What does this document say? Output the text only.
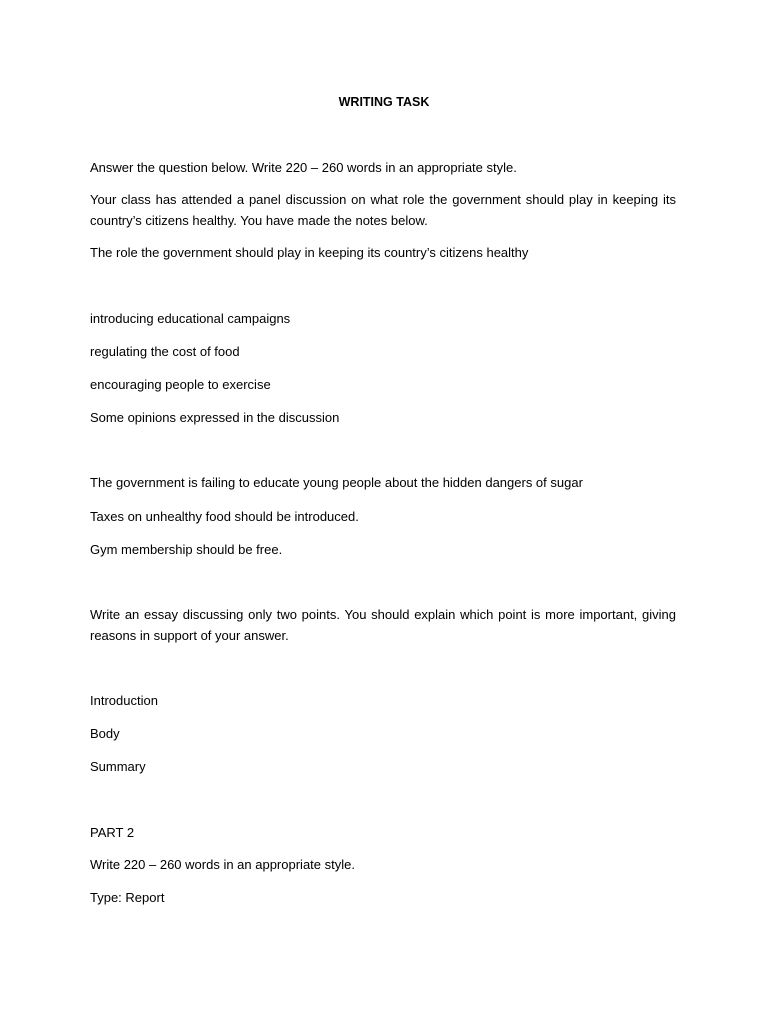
WRITING TASK

Answer the question below. Write 220 – 260 words in an appropriate style.

Your class has attended a panel discussion on what role the government should play in keeping its country’s citizens healthy. You have made the notes below.

The role the government should play in keeping its country’s citizens healthy

introducing educational campaigns

regulating the cost of food

encouraging people to exercise

Some opinions expressed in the discussion

The government is failing to educate young people about the hidden dangers of sugar

Taxes on unhealthy food should be introduced.

Gym membership should be free.

Write an essay discussing only two points. You should explain which point is more important, giving reasons in support of your answer.

Introduction

Body

Summary

PART 2

Write 220 – 260 words in an appropriate style.

Type: Report
